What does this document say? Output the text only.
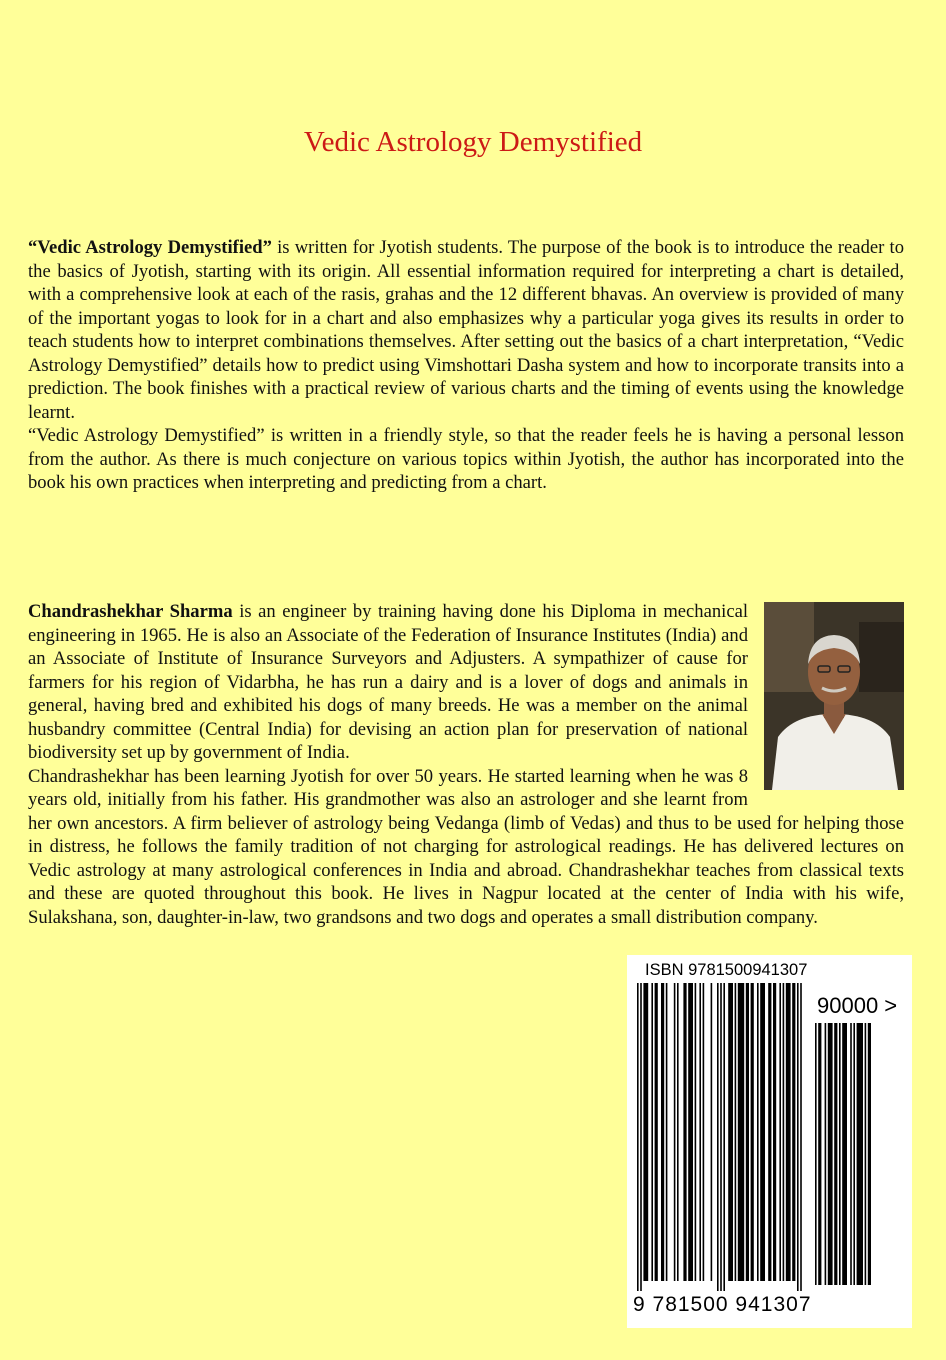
Vedic Astrology Demystified

“Vedic Astrology Demystified” is written for Jyotish students. The purpose of the book is to introduce the reader to the basics of Jyotish, starting with its origin. All essential information required for interpreting a chart is detailed, with a comprehensive look at each of the rasis, grahas and the 12 different bhavas. An overview is provided of many of the important yogas to look for in a chart and also emphasizes why a particular yoga gives its results in order to teach students how to interpret combinations themselves. After setting out the basics of a chart interpretation, “Vedic Astrology Demystified” details how to predict using Vimshottari Dasha system and how to incorporate transits into a prediction. The book finishes with a practical review of various charts and the timing of events using the knowledge learnt.

“Vedic Astrology Demystified” is written in a friendly style, so that the reader feels he is having a personal lesson from the author. As there is much conjecture on various topics within Jyotish, the author has incorporated into the book his own practices when interpreting and predicting from a chart.

Chandrashekhar Sharma is an engineer by training having done his Diploma in mechanical engineering in 1965. He is also an Associate of the Federation of Insurance Institutes (India) and an Associate of Institute of Insurance Surveyors and Adjusters. A sympathizer of cause for farmers for his region of Vidarbha, he has run a dairy and is a lover of dogs and animals in general, having bred and exhibited his dogs of many breeds. He was a member on the animal husbandry committee (Central India) for devising an action plan for preservation of national biodiversity set up by government of India.

Chandrashekhar has been learning Jyotish for over 50 years. He started learning when he was 8 years old, initially from his father. His grandmother was also an astrologer and she learnt from her own ancestors. A firm believer of astrology being Vedanga (limb of Vedas) and thus to be used for helping those in distress, he follows the family tradition of not charging for astrological readings. He has delivered lectures on Vedic astrology at many astrological conferences in India and abroad. Chandrashekhar teaches from classical texts and these are quoted throughout this book. He lives in Nagpur located at the center of India with his wife, Sulakshana, son, daughter-in-law, two grandsons and two dogs and operates a small distribution company.

ISBN 9781500941307
90000 >
9 781500 941307
